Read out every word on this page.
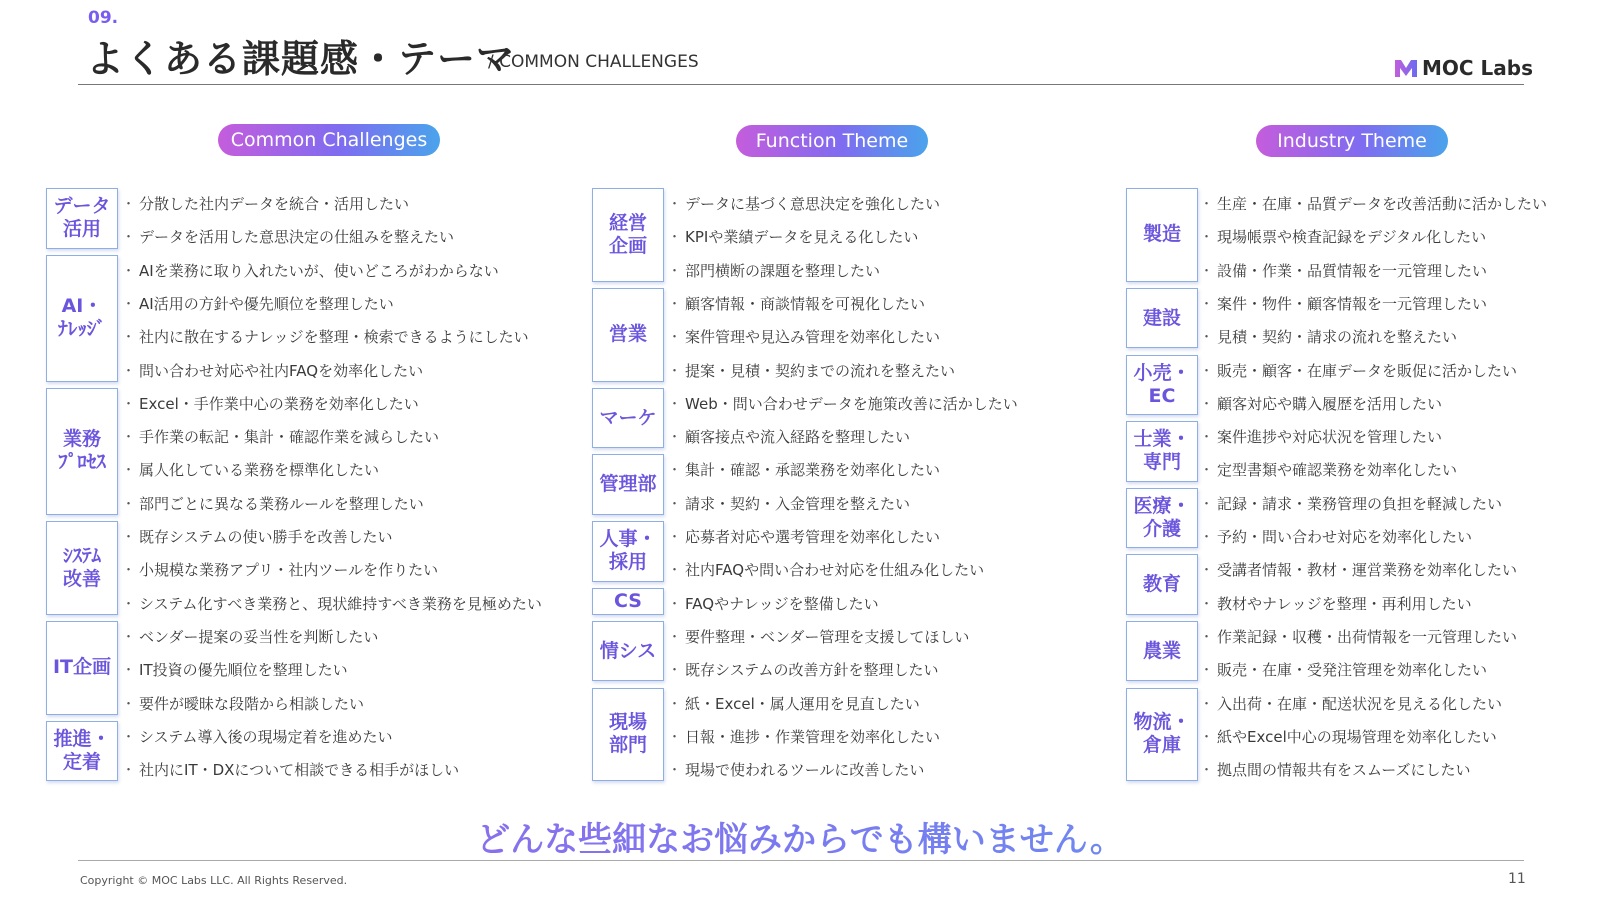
09.
よくある課題感・テーマ
/ COMMON CHALLENGES	MOC Labs
Common Challenges
データ
活用
・ 分散した社内データを統合・活用したい
・ データを活用した意思決定の仕組みを整えたい
AI・
ﾅﾚｯｼﾞ
・ AIを業務に取り入れたいが、使いどころがわからない
・ AI活用の方針や優先順位を整理したい
・ 社内に散在するナレッジを整理・検索できるようにしたい
・ 問い合わせ対応や社内FAQを効率化したい
業務
ﾌﾟﾛｾｽ
・ Excel・手作業中心の業務を効率化したい
・ 手作業の転記・集計・確認作業を減らしたい
・ 属人化している業務を標準化したい
・ 部門ごとに異なる業務ルールを整理したい
ｼｽﾃﾑ
改善
・ 既存システムの使い勝手を改善したい
・ 小規模な業務アプリ・社内ツールを作りたい
・ システム化すべき業務と、現状維持すべき業務を見極めたい
IT企画
・ ベンダー提案の妥当性を判断したい
・ IT投資の優先順位を整理したい
・ 要件が曖昧な段階から相談したい
推進・
定着
・ システム導入後の現場定着を進めたい
・ 社内にIT・DXについて相談できる相手がほしい
Function Theme
経営
企画
・ データに基づく意思決定を強化したい
・ KPIや業績データを見える化したい
・ 部門横断の課題を整理したい
営業
・ 顧客情報・商談情報を可視化したい
・ 案件管理や見込み管理を効率化したい
・ 提案・見積・契約までの流れを整えたい
マーケ
・ Web・問い合わせデータを施策改善に活かしたい
・ 顧客接点や流入経路を整理したい
管理部
・ 集計・確認・承認業務を効率化したい
・ 請求・契約・入金管理を整えたい
人事・
採用
・ 応募者対応や選考管理を効率化したい
・ 社内FAQや問い合わせ対応を仕組み化したい
CS
・	FAQやナレッジを整備したい
情シス
・ 要件整理・ベンダー管理を支援してほしい
・ 既存システムの改善方針を整理したい
現場
部門
・ 紙・Excel・属人運用を見直したい
・ 日報・進捗・作業管理を効率化したい
・ 現場で使われるツールに改善したい
Industry Theme
製造
・ 生産・在庫・品質データを改善活動に活かしたい
・ 現場帳票や検査記録をデジタル化したい
・ 設備・作業・品質情報を一元管理したい
建設
・ 案件・物件・顧客情報を一元管理したい
・ 見積・契約・請求の流れを整えたい
小売・
EC
・ 販売・顧客・在庫データを販促に活かしたい
・ 顧客対応や購入履歴を活用したい
士業・
専門
・ 案件進捗や対応状況を管理したい
・ 定型書類や確認業務を効率化したい
医療・
介護
・ 記録・請求・業務管理の負担を軽減したい
・ 予約・問い合わせ対応を効率化したい
教育
・ 受講者情報・教材・運営業務を効率化したい
・ 教材やナレッジを整理・再利用したい
農業
・ 作業記録・収穫・出荷情報を一元管理したい
・ 販売・在庫・受発注管理を効率化したい
物流・
倉庫
・ 入出荷・在庫・配送状況を見える化したい
・ 紙やExcel中心の現場管理を効率化したい
・ 拠点間の情報共有をスムーズにしたい
どんな些細なお悩みからでも構いません。
Copyright © MOC Labs LLC. All Rights Reserved.	11
